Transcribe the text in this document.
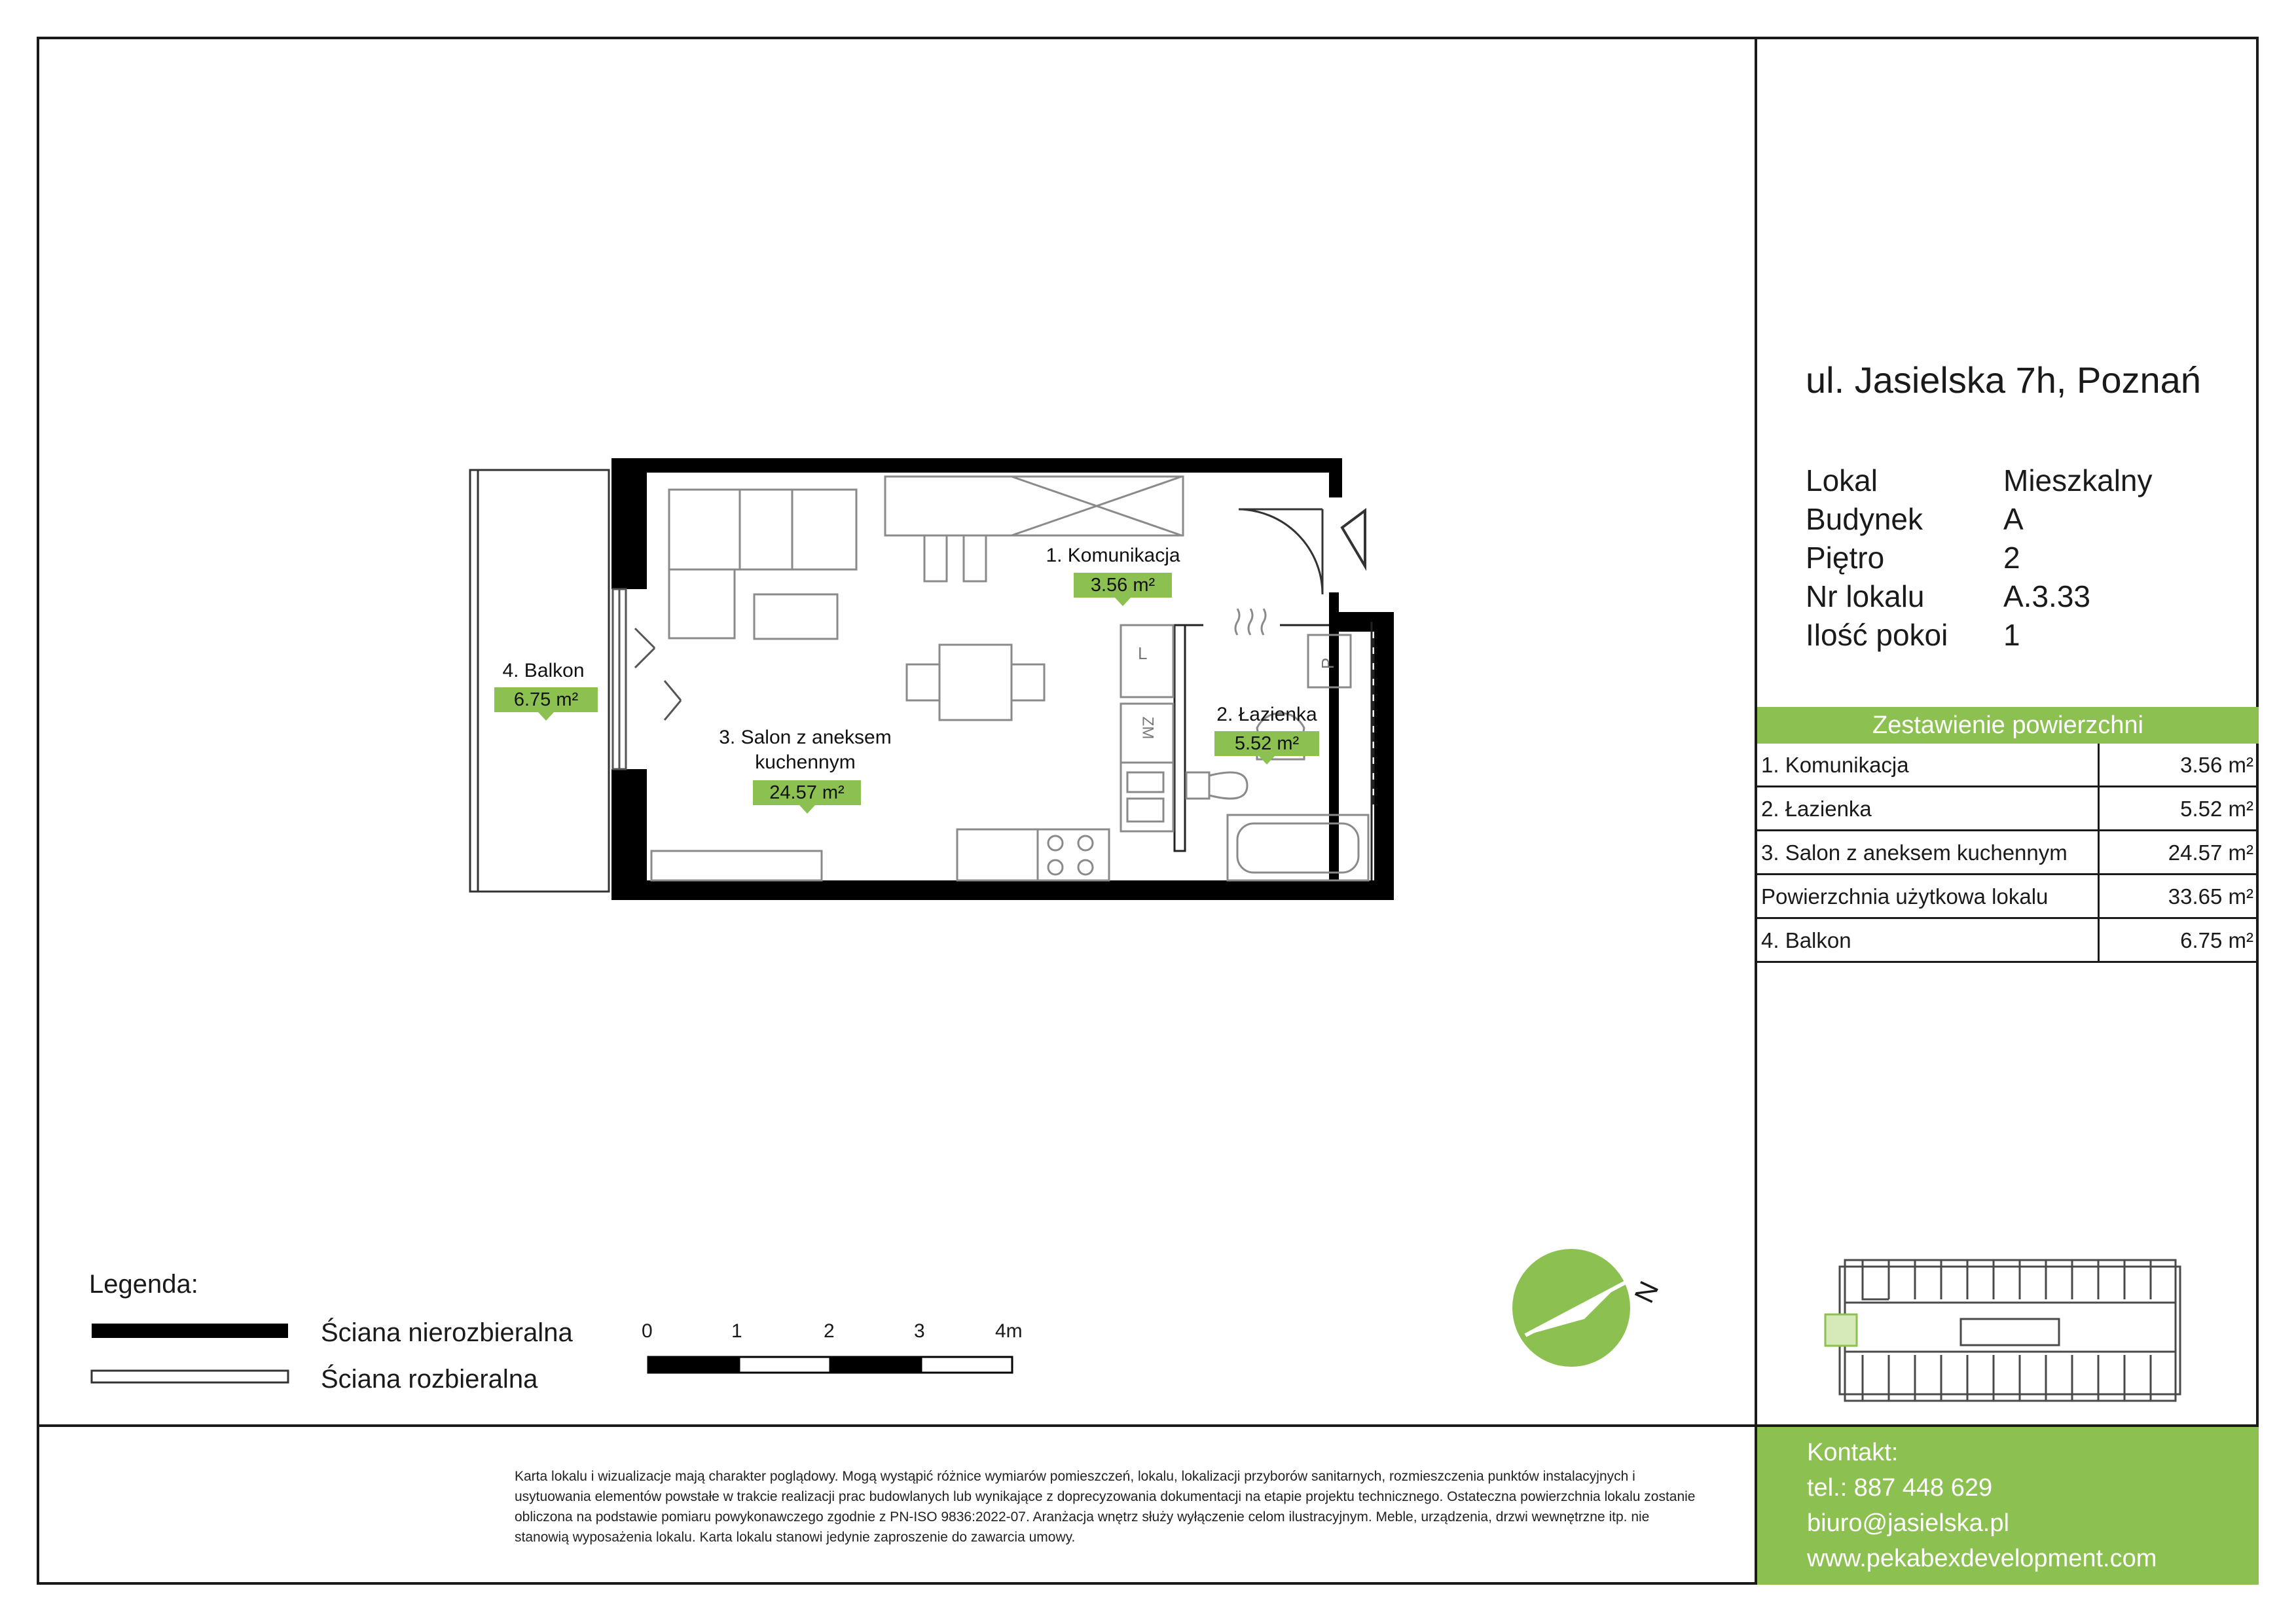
L
ZM
P
1. Komunikacja
3.56 m²
2. Łazienka
5.52 m²
3. Salon z aneksem
kuchennym
24.57 m²
4. Balkon
6.75 m²
N
ul. Jasielska 7h, Poznań
Lokal	Mieszkalny
Budynek	A
Piętro	2
Nr lokalu	A.3.33
Ilość pokoi 1
Zestawienie powierzchni
1. Komunikacja	3.56 m²
2. Łazienka	5.52 m²
3. Salon z aneksem kuchennym	24.57 m²
Powierzchnia użytkowa lokalu	33.65 m²
4. Balkon	6.75 m²
Legenda:
Ściana nierozbieralna
Ściana rozbieralna
0	1	2	3	4m
Karta lokalu i wizualizacje mają charakter poglądowy. Mogą wystąpić różnice wymiarów pomieszczeń, lokalu, lokalizacji przyborów sanitarnych, rozmieszczenia punktów instalacyjnych i usytuowania elementów powstałe w trakcie realizacji prac budowlanych lub wynikające z doprecyzowania dokumentacji na etapie projektu technicznego. Ostateczna powierzchnia lokalu zostanie obliczona na podstawie pomiaru powykonawczego zgodnie z PN-ISO 9836:2022-07. Aranżacja wnętrz służy wyłączenie celom ilustracyjnym. Meble, urządzenia, drzwi wewnętrzne itp. nie stanowią wyposażenia lokalu. Karta lokalu stanowi jedynie zaproszenie do zawarcia umowy.
Kontakt:
tel.: 887 448 629
biuro@jasielska.pl
www.pekabexdevelopment.com
